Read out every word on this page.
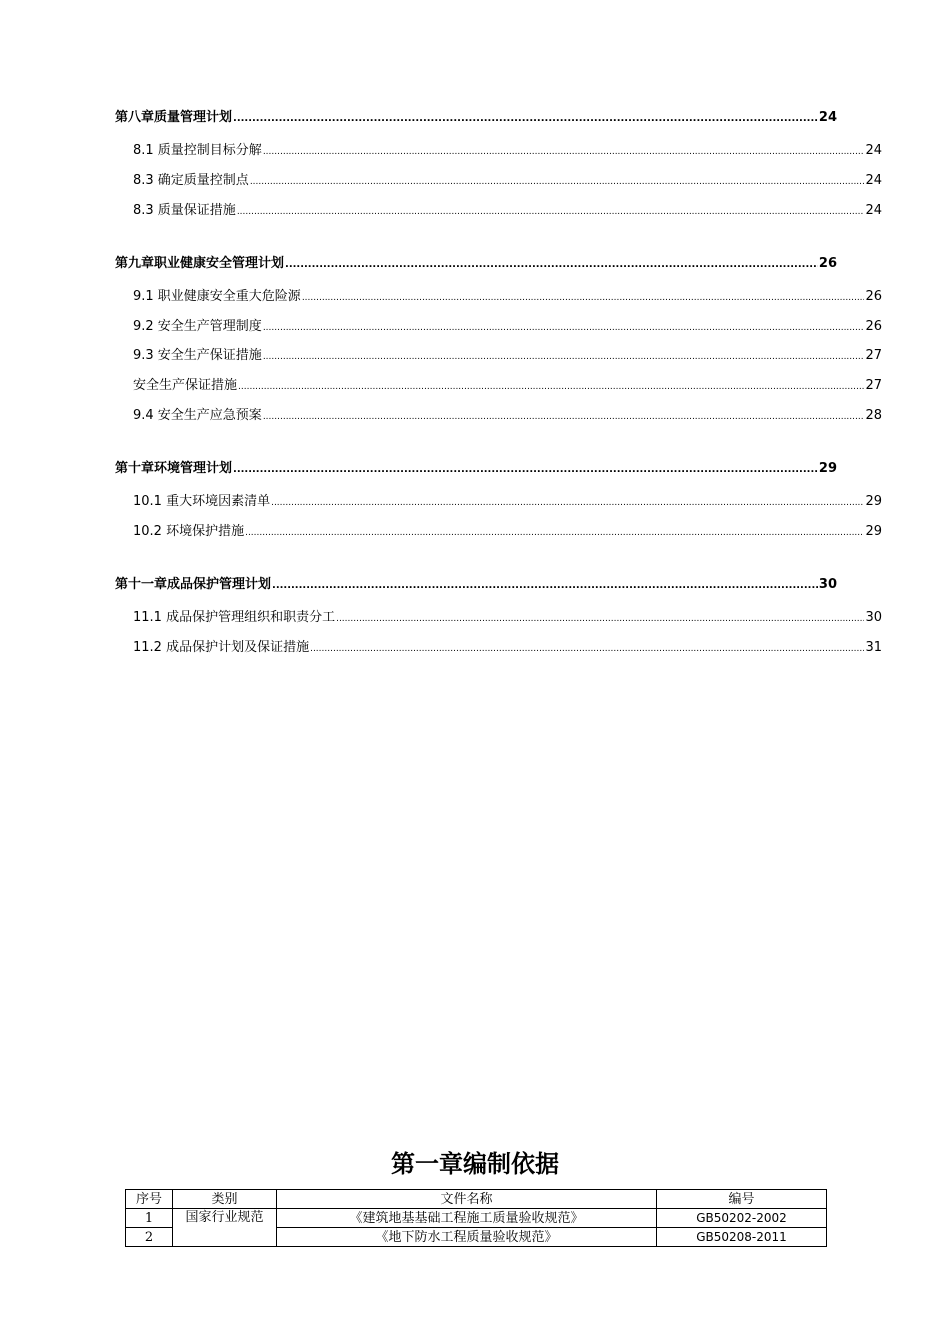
第八章质量管理计划 .....	24
8.1 质量控制目标分解 .....	24
8.3 确定质量控制点 .....	24
8.3 质量保证措施 .....	24
第九章职业健康安全管理计划 .....	26
9.1 职业健康安全重大危险源 .....	26
9.2 安全生产管理制度 .....	26
9.3 安全生产保证措施 .....	27
安全生产保证措施 .....	27
9.4 安全生产应急预案 .....	28
第十章环境管理计划 .....	29
10.1 重大环境因素清单 .....	29
10.2 环境保护措施 .....	29
第十一章成品保护管理计划 .....	30
11.1 成品保护管理组织和职责分工 .....	30
11.2 成品保护计划及保证措施 .....	31
第一章编制依据
序号	类别	文件名称	编号
1	国家行业规范	《建筑地基基础工程施工质量验收规范》	GB50202-2002
2		《地下防水工程质量验收规范》	GB50208-2011
